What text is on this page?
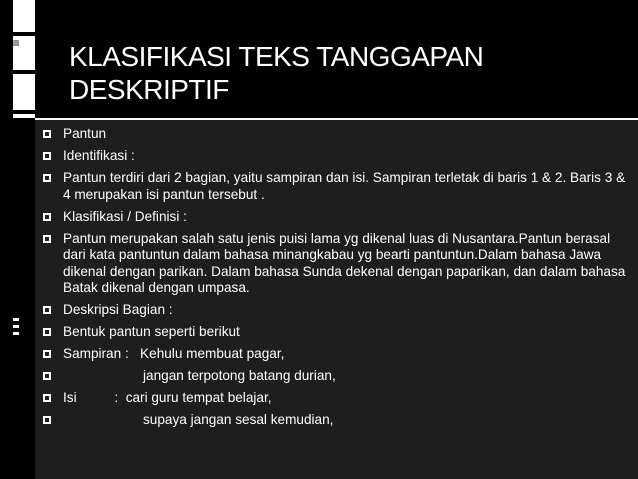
KLASIFIKASI TEKS TANGGAPAN
DESKRIPTIF
Pantun
Identifikasi :
Pantun terdiri dari 2 bagian, yaitu sampiran dan isi. Sampiran terletak di baris 1 & 2. Baris 3 & 4 merupakan isi pantun tersebut .
Klasifikasi / Definisi :
Pantun merupakan salah satu jenis puisi lama yg dikenal luas di Nusantara.Pantun berasal dari kata pantuntun dalam bahasa minangkabau yg bearti pantuntun.Dalam bahasa Jawa dikenal dengan parikan. Dalam bahasa Sunda dekenal dengan paparikan, dan dalam bahasa Batak dikenal dengan umpasa.
Deskripsi Bagian :
Bentuk pantun seperti berikut
Sampiran :   Kehulu membuat pagar,
jangan terpotong batang durian,
Isi          :  cari guru tempat belajar,
supaya jangan sesal kemudian,
